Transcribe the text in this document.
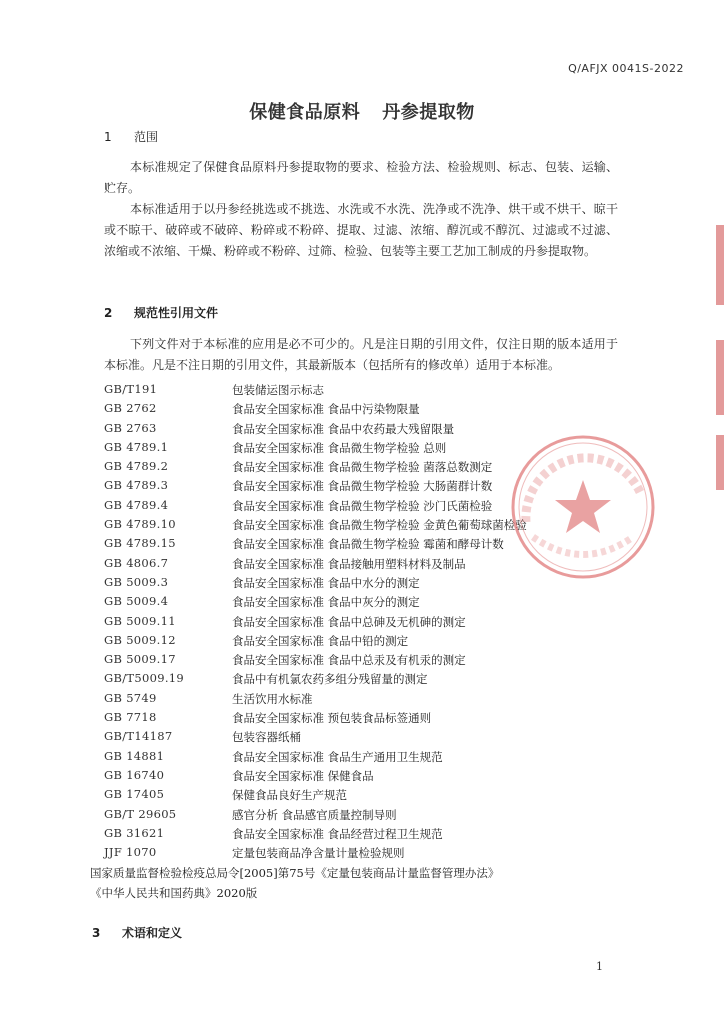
Q/AFJX 0041S-2022
保健食品原料 丹参提取物
1 范围

本标准规定了保健食品原料丹参提取物的要求、检验方法、检验规则、标志、包装、运输、贮存。

本标准适用于以丹参经挑选或不挑选、水洗或不水洗、洗净或不洗净、烘干或不烘干、晾干或不晾干、破碎或不破碎、粉碎或不粉碎、提取、过滤、浓缩、醇沉或不醇沉、过滤或不过滤、浓缩或不浓缩、干燥、粉碎或不粉碎、过筛、检验、包装等主要工艺加工制成的丹参提取物。

2 规范性引用文件

下列文件对于本标准的应用是必不可少的。凡是注日期的引用文件，仅注日期的版本适用于本标准。凡是不注日期的引用文件，其最新版本（包括所有的修改单）适用于本标准。

GB/T191	包装储运图示标志
GB 2762	食品安全国家标准 食品中污染物限量
GB 2763	食品安全国家标准 食品中农药最大残留限量
GB 4789.1	食品安全国家标准 食品微生物学检验 总则
GB 4789.2	食品安全国家标准 食品微生物学检验 菌落总数测定
GB 4789.3	食品安全国家标准 食品微生物学检验 大肠菌群计数
GB 4789.4	食品安全国家标准 食品微生物学检验 沙门氏菌检验
GB 4789.10	食品安全国家标准 食品微生物学检验 金黄色葡萄球菌检验
GB 4789.15	食品安全国家标准 食品微生物学检验 霉菌和酵母计数
GB 4806.7	食品安全国家标准 食品接触用塑料材料及制品
GB 5009.3	食品安全国家标准 食品中水分的测定
GB 5009.4	食品安全国家标准 食品中灰分的测定
GB 5009.11	食品安全国家标准 食品中总砷及无机砷的测定
GB 5009.12	食品安全国家标准 食品中铅的测定
GB 5009.17	食品安全国家标准 食品中总汞及有机汞的测定
GB/T5009.19	食品中有机氯农药多组分残留量的测定
GB 5749	生活饮用水标准
GB 7718	食品安全国家标准 预包装食品标签通则
GB/T14187	包装容器纸桶
GB 14881	食品安全国家标准 食品生产通用卫生规范
GB 16740	食品安全国家标准 保健食品
GB 17405	保健食品良好生产规范
GB/T 29605	感官分析 食品感官质量控制导则
GB 31621	食品安全国家标准 食品经营过程卫生规范
JJF 1070	定量包装商品净含量计量检验规则
国家质量监督检验检疫总局令[2005]第75号《定量包装商品计量监督管理办法》
《中华人民共和国药典》2020版
3 术语和定义
1
